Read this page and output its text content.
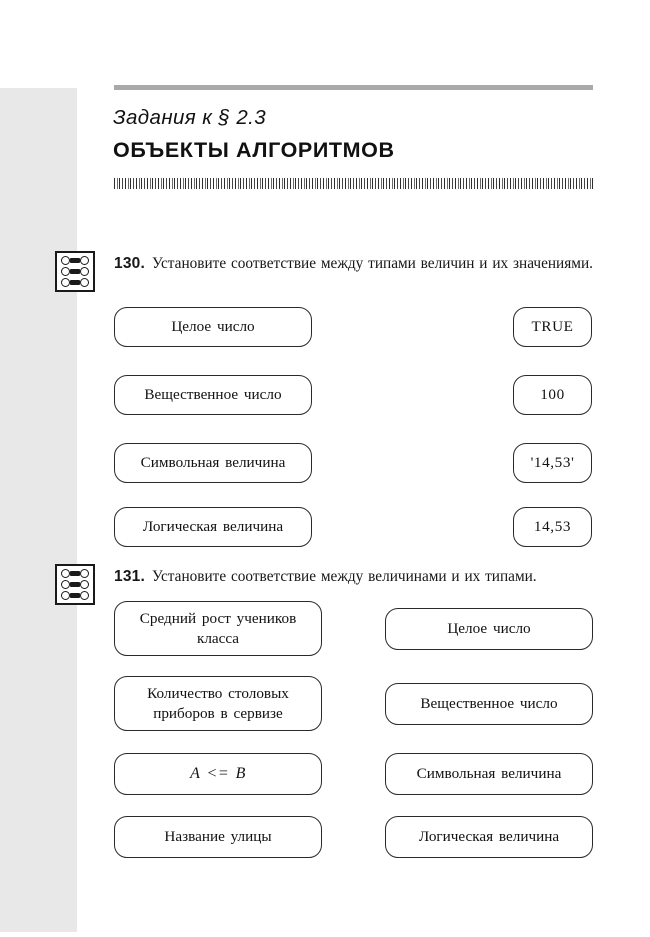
Задания к § 2.3
ОБЪЕКТЫ АЛГОРИТМОВ
130. Установите соответствие между типами величин и их значениями.
Целое число
Вещественное число
Символьная величина
Логическая величина
TRUE
100
'14,53'
14,53
131. Установите соответствие между величинами и их типами.
Средний рост учеников класса
Количество столовых приборов в сервизе
A <= B
Название улицы
Целое число
Вещественное число
Символьная величина
Логическая величина
